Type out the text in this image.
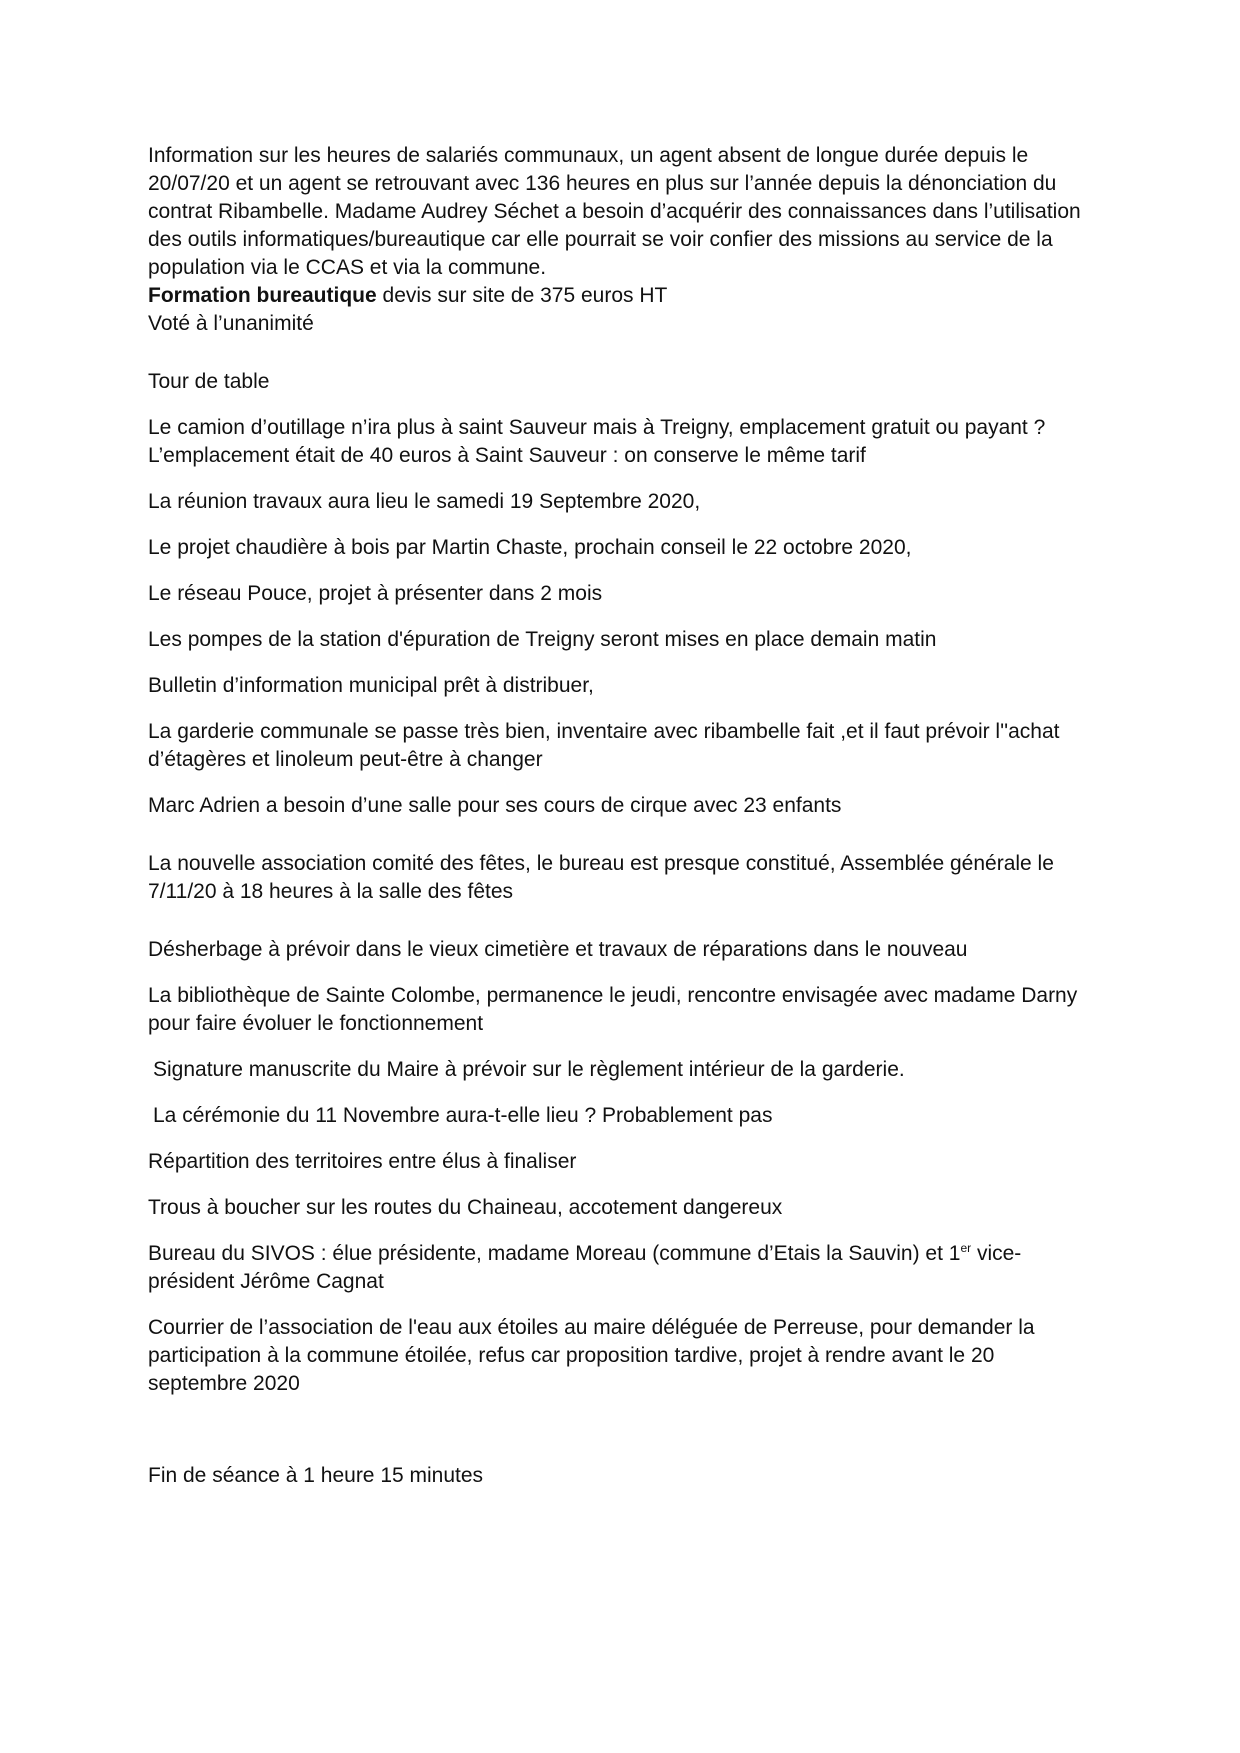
Information sur les heures de salariés communaux, un agent absent de longue durée depuis le 20/07/20 et un agent se retrouvant avec 136 heures en plus sur l’année depuis la dénonciation du contrat Ribambelle. Madame Audrey Séchet a besoin d’acquérir des connaissances dans l’utilisation des outils informatiques/bureautique car elle pourrait se voir confier des missions au service de la population via le CCAS et via la commune.

Formation bureautique devis sur site de 375 euros HT

Voté à l’unanimité

Tour de table

Le camion d’outillage n’ira plus à saint Sauveur mais à Treigny, emplacement gratuit ou payant ? L’emplacement était de 40 euros à Saint Sauveur : on conserve le même tarif

La réunion travaux aura lieu le samedi 19 Septembre 2020,

Le projet chaudière à bois par Martin Chaste, prochain conseil le 22 octobre 2020,

Le réseau Pouce, projet à présenter dans 2 mois

Les pompes de la station d'épuration de Treigny seront mises en place demain matin

Bulletin d’information municipal prêt à distribuer,

La garderie communale se passe très bien, inventaire avec ribambelle fait ,et il faut prévoir l''achat d’étagères et linoleum peut-être à changer

Marc Adrien a besoin d’une salle pour ses cours de cirque avec 23 enfants

La nouvelle association comité des fêtes, le bureau est presque constitué, Assemblée générale le 7/11/20 à 18 heures à la salle des fêtes

Désherbage à prévoir dans le vieux cimetière et travaux de réparations dans le nouveau

La bibliothèque de Sainte Colombe, permanence le jeudi, rencontre envisagée avec madame Darny pour faire évoluer le fonctionnement

Signature manuscrite du Maire à prévoir sur le règlement intérieur de la garderie.

La cérémonie du 11 Novembre aura-t-elle lieu ? Probablement pas

Répartition des territoires entre élus à finaliser

Trous à boucher sur les routes du Chaineau, accotement dangereux

Bureau du SIVOS : élue présidente, madame Moreau (commune d’Etais la Sauvin) et 1er vice-président Jérôme Cagnat

Courrier de l’association de l'eau aux étoiles au maire déléguée de Perreuse, pour demander la participation à la commune étoilée, refus car proposition tardive, projet à rendre avant le 20 septembre 2020

Fin de séance à 1 heure 15 minutes
